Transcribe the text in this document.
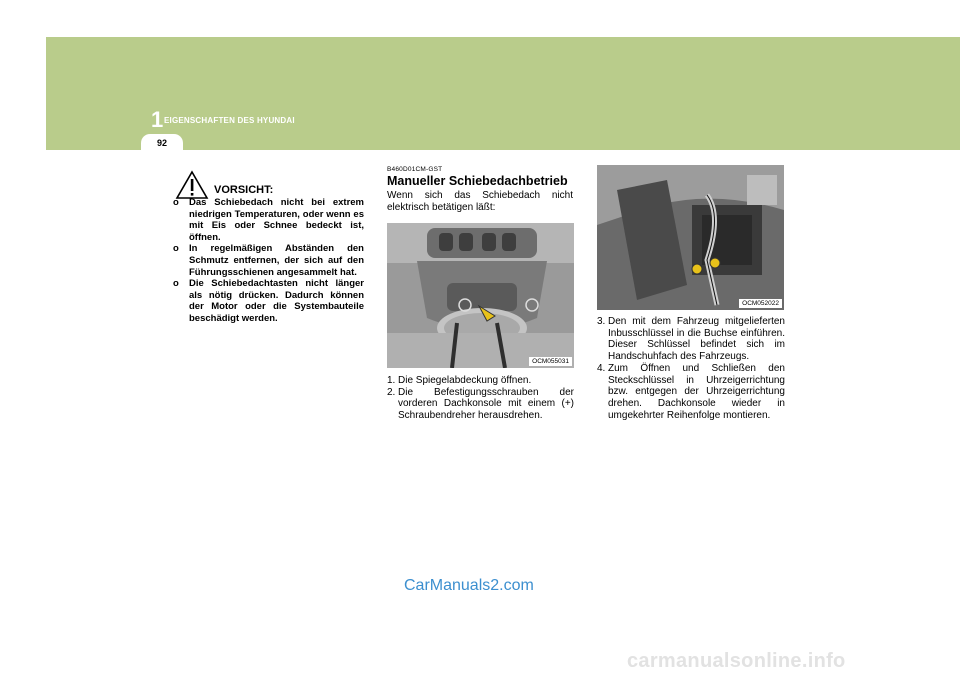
1 EIGENSCHAFTEN DES HYUNDAI
92
VORSICHT:
o Das Schiebedach nicht bei extrem niedrigen Temperaturen, oder wenn es mit Eis oder Schnee bedeckt ist, öffnen.
o In regelmäßigen Abständen den Schmutz entfernen, der sich auf den Führungsschienen angesammelt hat.
o Die Schiebedachtasten nicht länger als nötig drücken. Dadurch können der Motor oder die Systembauteile beschädigt werden.
B460D01CM-GST
Manueller Schiebedachbetrieb
Wenn sich das Schiebedach nicht elektrisch betätigen läßt:
OCM055031
1. Die Spiegelabdeckung öffnen.
2. Die Befestigungsschrauben der vorderen Dachkonsole mit einem (+) Schraubendreher herausdrehen.
OCM052022
3. Den mit dem Fahrzeug mitgelieferten Inbusschlüssel in die Buchse einführen. Dieser Schlüssel befindet sich im Handschuhfach des Fahrzeugs.
4. Zum Öffnen und Schließen den Steckschlüssel in Uhrzeigerrichtung bzw. entgegen der Uhrzeigerrichtung drehen. Dachkonsole wieder in umgekehrter Reihenfolge montieren.
CarManuals2.com
carmanualsonline.info
